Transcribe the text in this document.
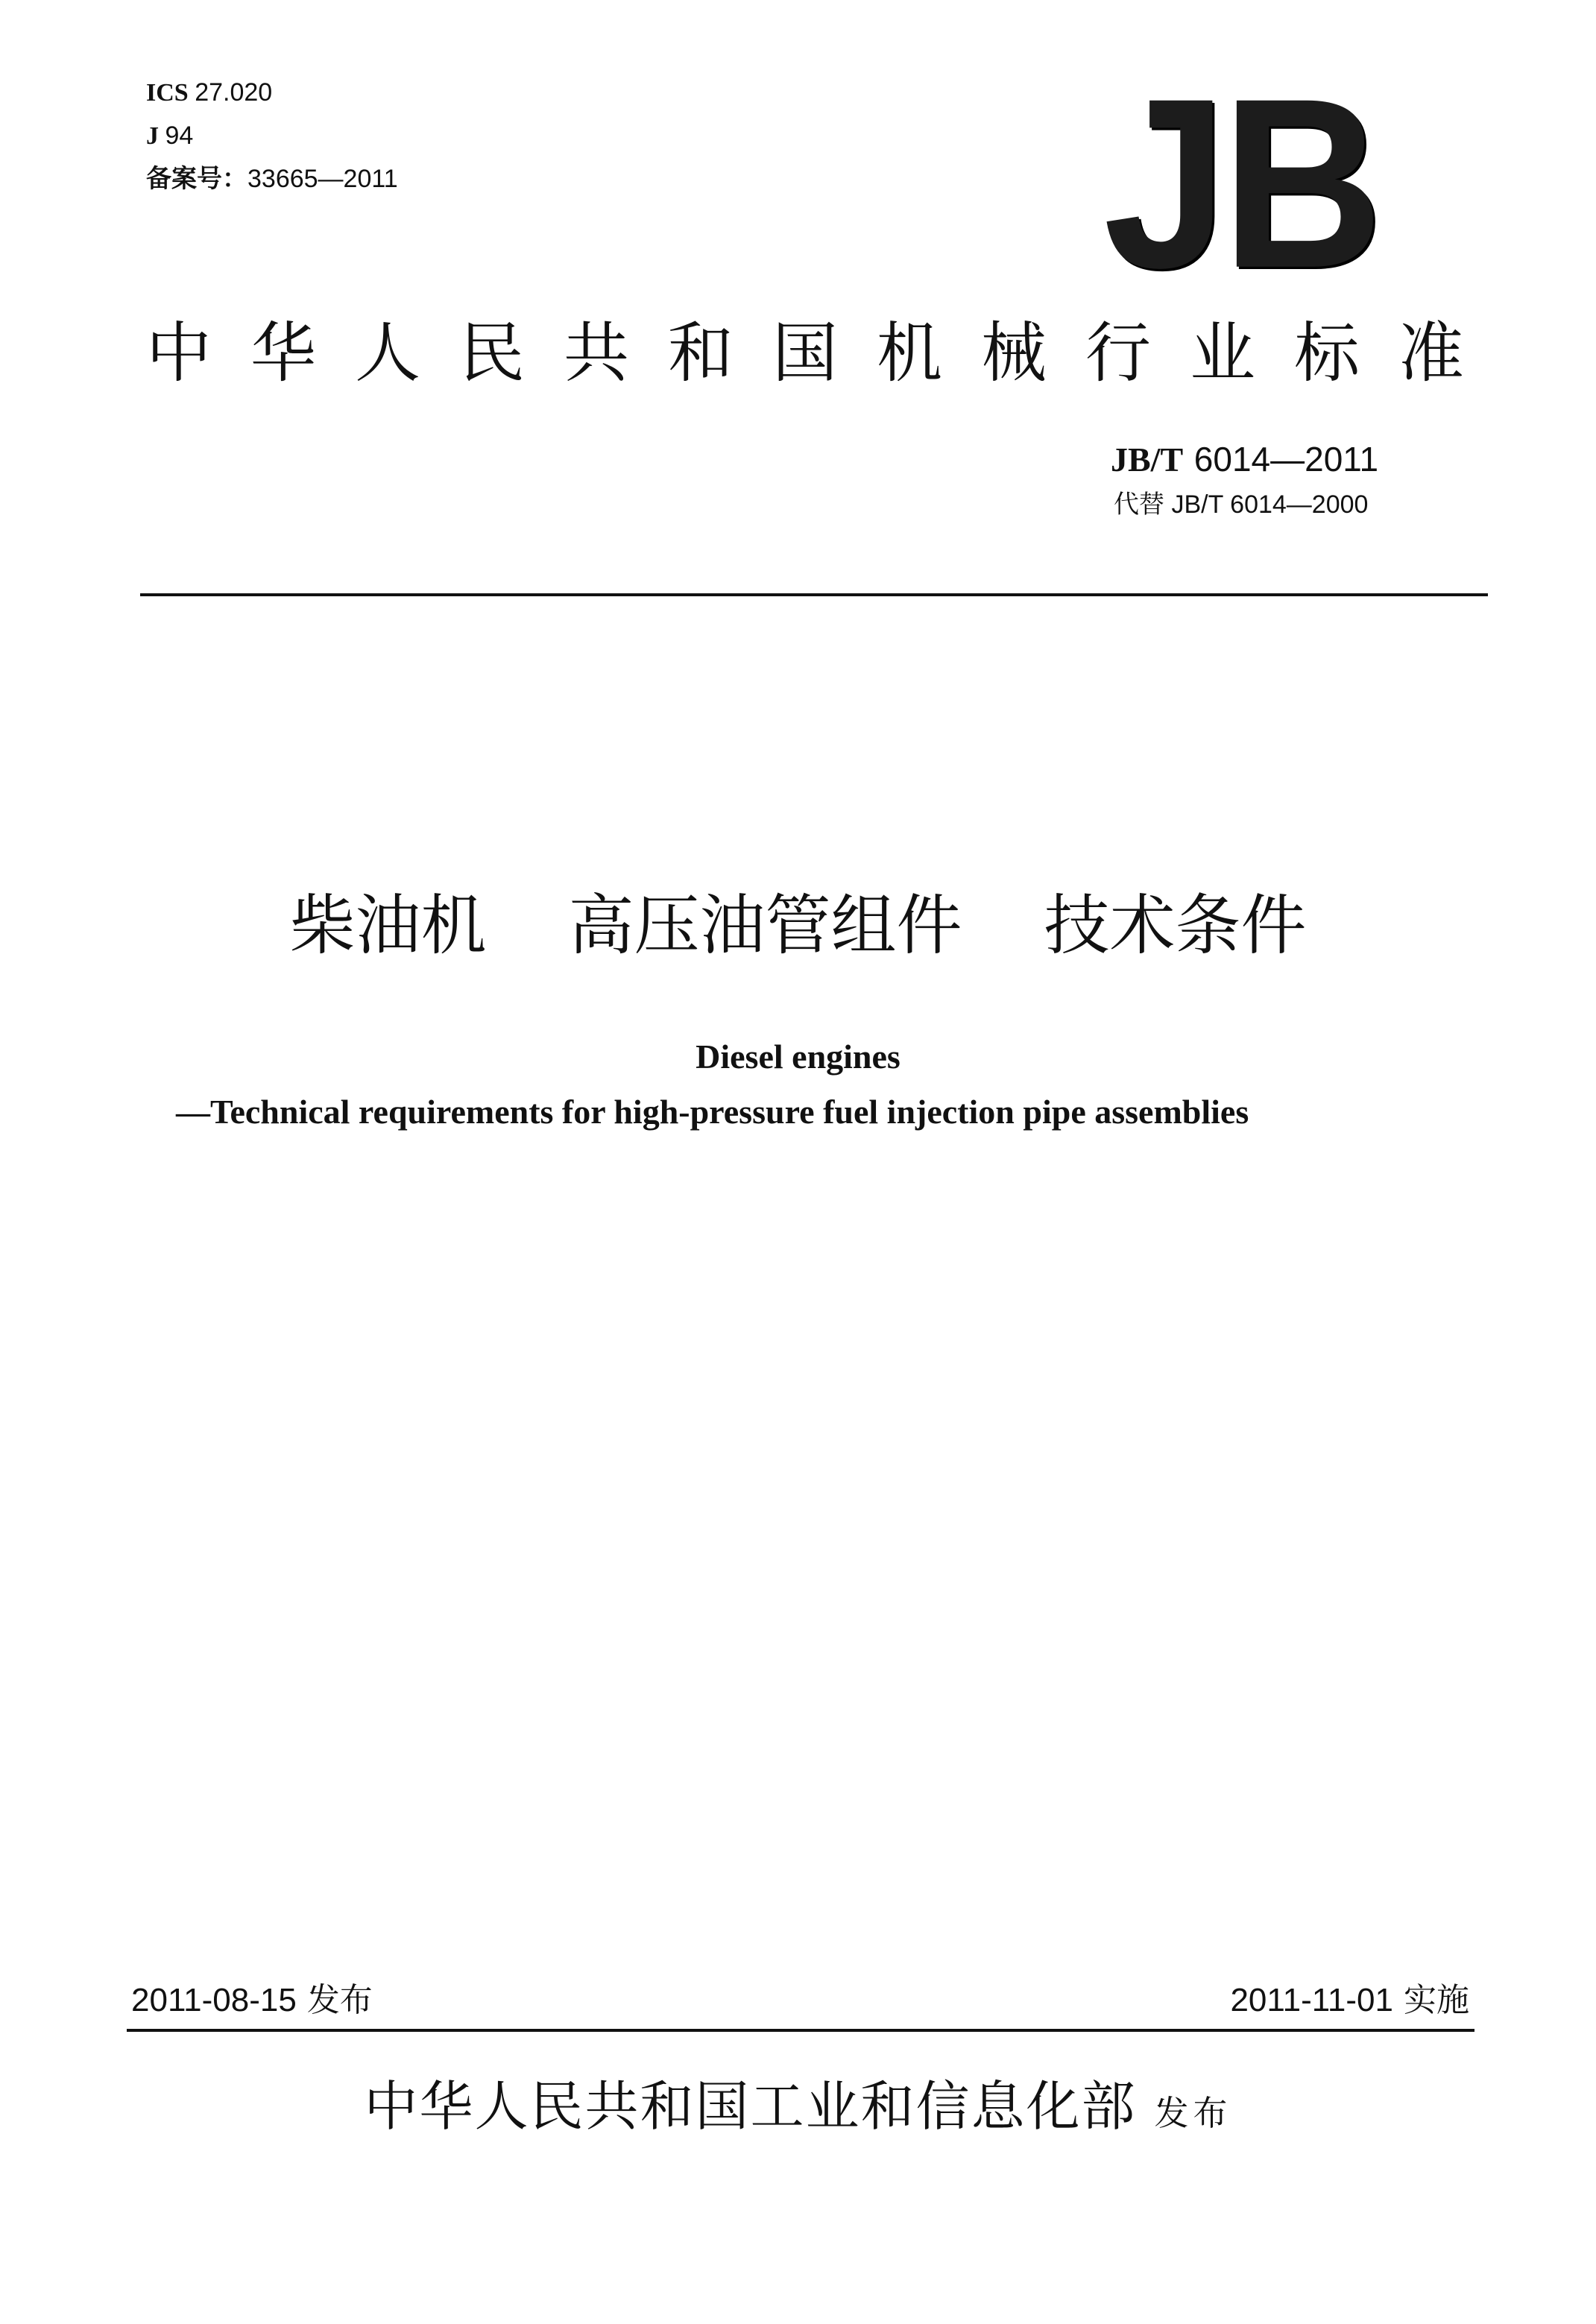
ICS 27.020
J 94
备案号：33665—2011	JB
中华人民共和国机械行业标准
JB/T 6014—2011
代替 JB/T 6014—2000
柴油机 高压油管组件 技术条件
Diesel engines
—Technical requirements for high-pressure fuel injection pipe assemblies
2011-08-15 发布	2011-11-01 实施
中华人民共和国工业和信息化部 发布
